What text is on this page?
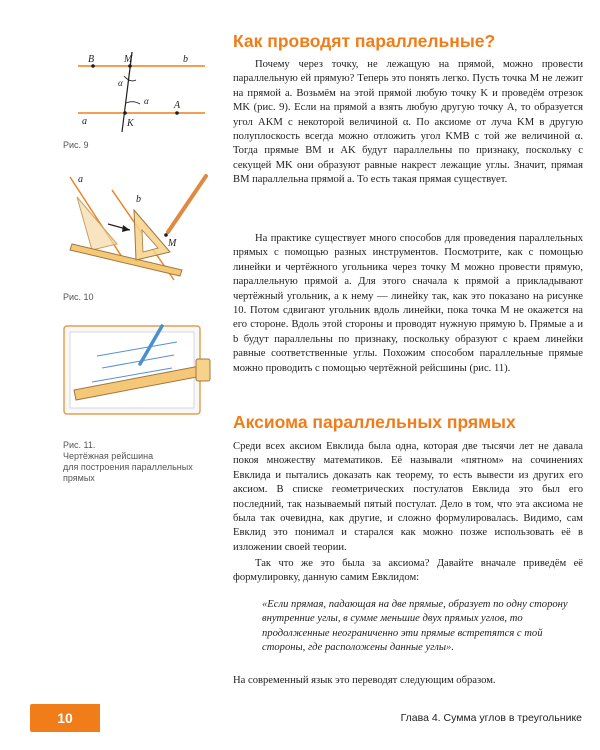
B	M	b
α
α	A
a	K
Рис. 9
a
b
M
Рис. 10
Рис. 11.
Чертёжная рейсшина
для построения параллельных
прямых
Как проводят параллельные?

Почему через точку, не лежащую на прямой, можно провести параллельную ей прямую? Теперь это понять легко. Пусть точка M не лежит на прямой a. Возьмём на этой прямой любую точку K и проведём отрезок MK (рис. 9). Если на прямой a взять любую другую точку A, то образуется угол AKM с некоторой величиной α. По аксиоме от луча KM в другую полуплоскость всегда можно отложить угол KMB с той же величиной α. Тогда прямые BM и AK будут параллельны по признаку, поскольку с секущей MK они образуют равные накрест лежащие углы. Значит, прямая BM параллельна прямой a. То есть такая прямая существует.

На практике существует много способов для проведения параллельных прямых с помощью разных инструментов. Посмотрите, как с помощью линейки и чертёжного угольника через точку M можно провести прямую, параллельную прямой a. Для этого сначала к прямой a прикладывают чертёжный угольник, а к нему — линейку так, как это показано на рисунке 10. Потом сдвигают угольник вдоль линейки, пока точка M не окажется на его стороне. Вдоль этой стороны и проводят нужную прямую b. Прямые a и b будут параллельны по признаку, поскольку образуют с краем линейки равные соответственные углы. Похожим способом параллельные прямые можно проводить с помощью чертёжной рейсшины (рис. 11).

Аксиома параллельных прямых

Среди всех аксиом Евклида была одна, которая две тысячи лет не давала покоя множеству математиков. Её называли «пятном» на сочинениях Евклида и пытались доказать как теорему, то есть вывести из других его аксиом. В списке геометрических постулатов Евклида это был его последний, так называемый пятый постулат. Дело в том, что эта аксиома не была так очевидна, как другие, и сложно формулировалась. Видимо, сам Евклид это понимал и старался как можно позже использовать её в изложении своей теории.

Так что же это была за аксиома? Давайте вначале приведём её формулировку, данную самим Евклидом:

«Если прямая, падающая на две прямые, образует по одну сторону внутренние углы, в сумме меньшие двух прямых углов, то продолженные неограниченно эти прямые встретятся с той стороны, где расположены данные углы».

На современный язык это переводят следующим образом.

10	Глава 4. Сумма углов в треугольнике
